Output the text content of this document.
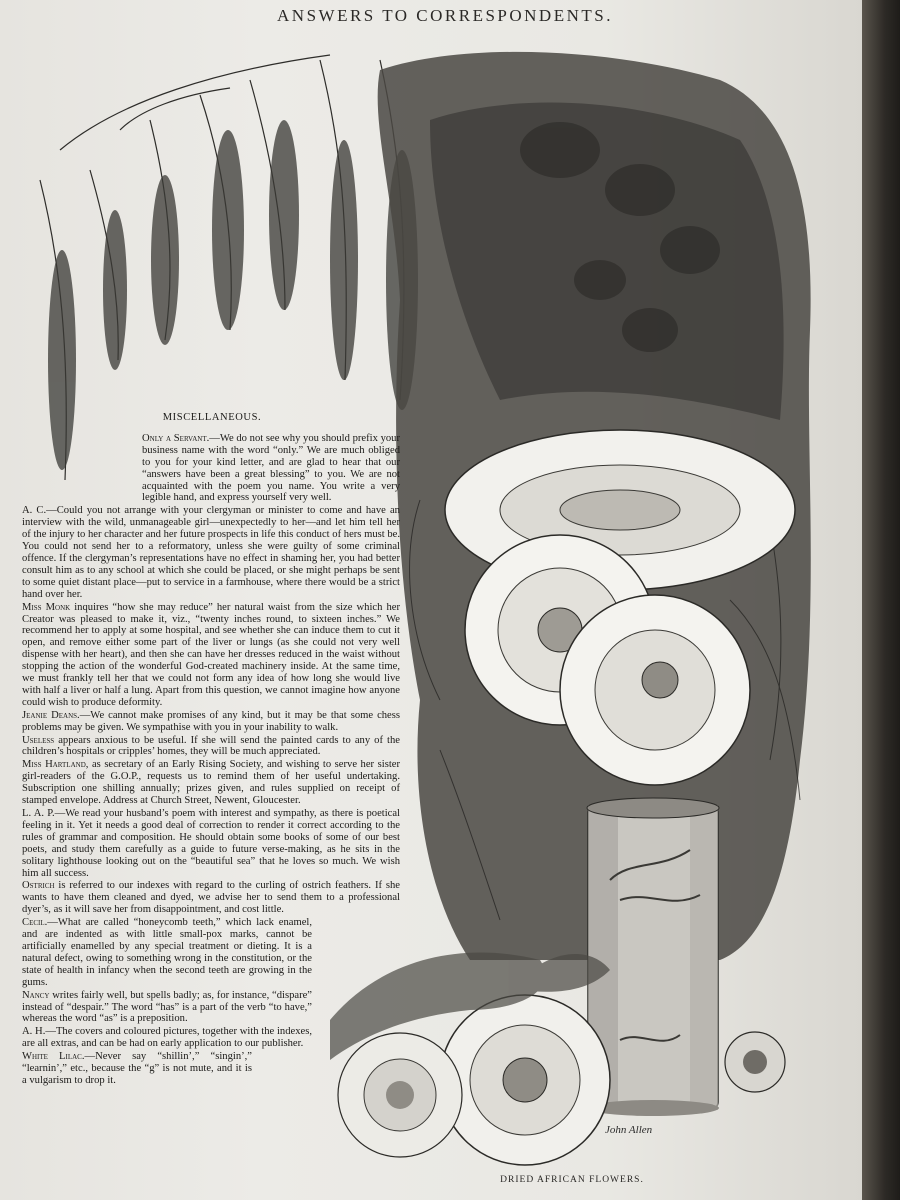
ANSWERS TO CORRESPONDENTS.
MISCELLANEOUS.
Only a Servant.—We do not see why you should prefix your business name with the word “only.” We are much obliged to you for your kind letter, and are glad to hear that our “answers have been a great blessing” to you. We are not acquainted with the poem you name. You write a very legible hand, and express yourself very well.
A. C.—Could you not arrange with your clergyman or minister to come and have an interview with the wild, unmanageable girl—unexpectedly to her—and let him tell her of the injury to her character and her future prospects in life this conduct of hers must be. You could not send her to a reformatory, unless she were guilty of some criminal offence. If the clergyman’s representations have no effect in shaming her, you had better consult him as to any school at which she could be placed, or she might perhaps be sent to some quiet distant place—put to service in a farmhouse, where there would be a strict hand over her.
Miss Monk inquires “how she may reduce” her natural waist from the size which her Creator was pleased to make it, viz., “twenty inches round, to sixteen inches.” We recommend her to apply at some hospital, and see whether she can induce them to cut it open, and remove either some part of the liver or lungs (as she could not very well dispense with her heart), and then she can have her dresses reduced in the waist without stopping the action of the wonderful God-created machinery inside. At the same time, we must frankly tell her that we could not form any idea of how long she would live with half a liver or half a lung. Apart from this question, we cannot imagine how anyone could wish to produce deformity.
Jeanie Deans.—We cannot make promises of any kind, but it may be that some chess problems may be given. We sympathise with you in your inability to walk.
Useless appears anxious to be useful. If she will send the painted cards to any of the children’s hospitals or cripples’ homes, they will be much appreciated.
Miss Hartland, as secretary of an Early Rising Society, and wishing to serve her sister girl-readers of the G.O.P., requests us to remind them of her useful undertaking. Subscription one shilling annually; prizes given, and rules supplied on receipt of stamped envelope. Address at Church Street, Newent, Gloucester.
L. A. P.—We read your husband’s poem with interest and sympathy, as there is poetical feeling in it. Yet it needs a good deal of correction to render it correct according to the rules of grammar and composition. He should obtain some books of some of our best poets, and study them carefully as a guide to future verse-making, as he sits in the solitary lighthouse looking out on the “beautiful sea” that he loves so much. We wish him all success.
Ostrich is referred to our indexes with regard to the curling of ostrich feathers. If she wants to have them cleaned and dyed, we advise her to send them to a professional dyer’s, as it will save her from disappointment, and cost little.
Cecil.—What are called “honeycomb teeth,” which lack enamel, and are indented as with little small-pox marks, cannot be artificially enamelled by any special treatment or dieting. It is a natural defect, owing to something wrong in the constitution, or the state of health in infancy when the second teeth are growing in the gums.
Nancy writes fairly well, but spells badly; as, for instance, “dispare” instead of “despair.” The word “has” is a part of the verb “to have,” whereas the word “as” is a preposition.
A. H.—The covers and coloured pictures, together with the indexes, are all extras, and can be had on early application to our publisher.
White Lilac.—Never say “shillin’,” “singin’,” “learnin’,” etc., because the “g” is not mute, and it is a vulgarism to drop it.
John Allen
DRIED AFRICAN FLOWERS.
